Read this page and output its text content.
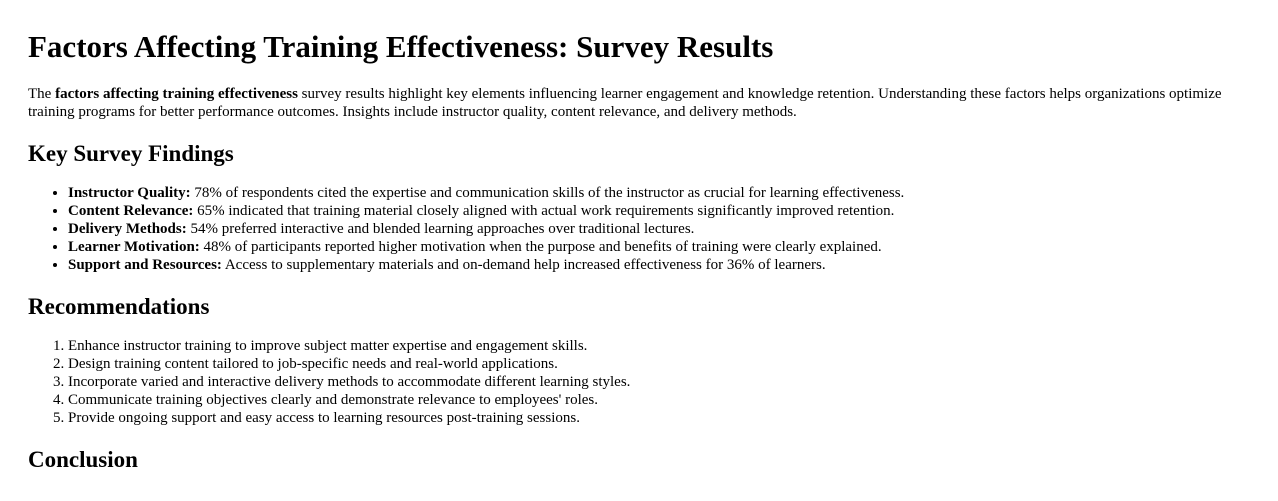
Factors Affecting Training Effectiveness: Survey Results

The factors affecting training effectiveness survey results highlight key elements influencing learner engagement and knowledge retention. Understanding these factors helps organizations optimize training programs for better performance outcomes. Insights include instructor quality, content relevance, and delivery methods.

Key Survey Findings
• Instructor Quality: 78% of respondents cited the expertise and communication skills of the instructor as crucial for learning effectiveness.
• Content Relevance: 65% indicated that training material closely aligned with actual work requirements significantly improved retention.
• Delivery Methods: 54% preferred interactive and blended learning approaches over traditional lectures.
• Learner Motivation: 48% of participants reported higher motivation when the purpose and benefits of training were clearly explained.
• Support and Resources: Access to supplementary materials and on-demand help increased effectiveness for 36% of learners.
Recommendations
1. Enhance instructor training to improve subject matter expertise and engagement skills.
2. Design training content tailored to job-specific needs and real-world applications.
3. Incorporate varied and interactive delivery methods to accommodate different learning styles.
4. Communicate training objectives clearly and demonstrate relevance to employees' roles.
5. Provide ongoing support and easy access to learning resources post-training sessions.
Conclusion
